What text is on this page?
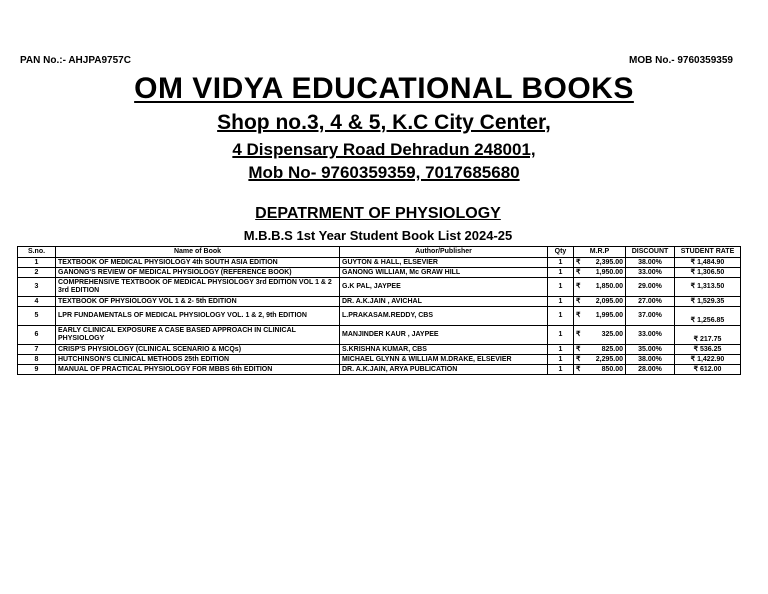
PAN No.:- AHJPA9757C	MOB No.- 9760359359
OM VIDYA EDUCATIONAL BOOKS
Shop no.3, 4 & 5, K.C City Center,
4 Dispensary Road Dehradun 248001,
Mob No- 9760359359, 7017685680
DEPATRMENT OF PHYSIOLOGY
M.B.B.S 1st Year Student Book List 2024-25
S.no.	Name of Book	Author/Publisher	Qty	M.R.P	DISCOUNT	STUDENT RATE
1	TEXTBOOK OF MEDICAL PHYSIOLOGY 4th SOUTH ASIA EDITION	GUYTON & HALL, ELSEVIER	1	₹ 2,395.00	38.00%	₹ 1,484.90
2	GANONG'S REVIEW OF MEDICAL PHYSIOLOGY (REFERENCE BOOK)	GANONG WILLIAM, Mc GRAW HILL	1	₹ 1,950.00	33.00%	₹ 1,306.50
3	COMPREHENSIVE TEXTBOOK OF MEDICAL PHYSIOLOGY 3rd EDITION VOL 1 & 2 3rd EDITION	G.K PAL, JAYPEE	1	₹ 1,850.00	29.00%	₹ 1,313.50
4	TEXTBOOK OF PHYSIOLOGY VOL 1 & 2- 5th EDITION	DR. A.K.JAIN , AVICHAL	1	₹ 2,095.00	27.00%	₹ 1,529.35
5	LPR FUNDAMENTALS OF MEDICAL PHYSIOLOGY VOL. 1 & 2, 9th EDITION	L.PRAKASAM.REDDY, CBS	1	₹ 1,995.00	37.00%	₹ 1,256.85
6	EARLY CLINICAL EXPOSURE A CASE BASED APPROACH IN CLINICAL PHYSIOLOGY	MANJINDER KAUR , JAYPEE	1	₹ 325.00	33.00%	₹ 217.75
7	CRISP'S PHYSIOLOGY (CLINICAL SCENARIO & MCQs)	S.KRISHNA KUMAR, CBS	1	₹ 825.00	35.00%	₹ 536.25
8	HUTCHINSON'S CLINICAL METHODS 25th EDITION	MICHAEL GLYNN & WILLIAM M.DRAKE, ELSEVIER	1	₹ 2,295.00	38.00%	₹ 1,422.90
9	MANUAL OF PRACTICAL PHYSIOLOGY FOR MBBS 6th EDITION	DR. A.K.JAIN, ARYA PUBLICATION	1	₹ 850.00	28.00%	₹ 612.00
